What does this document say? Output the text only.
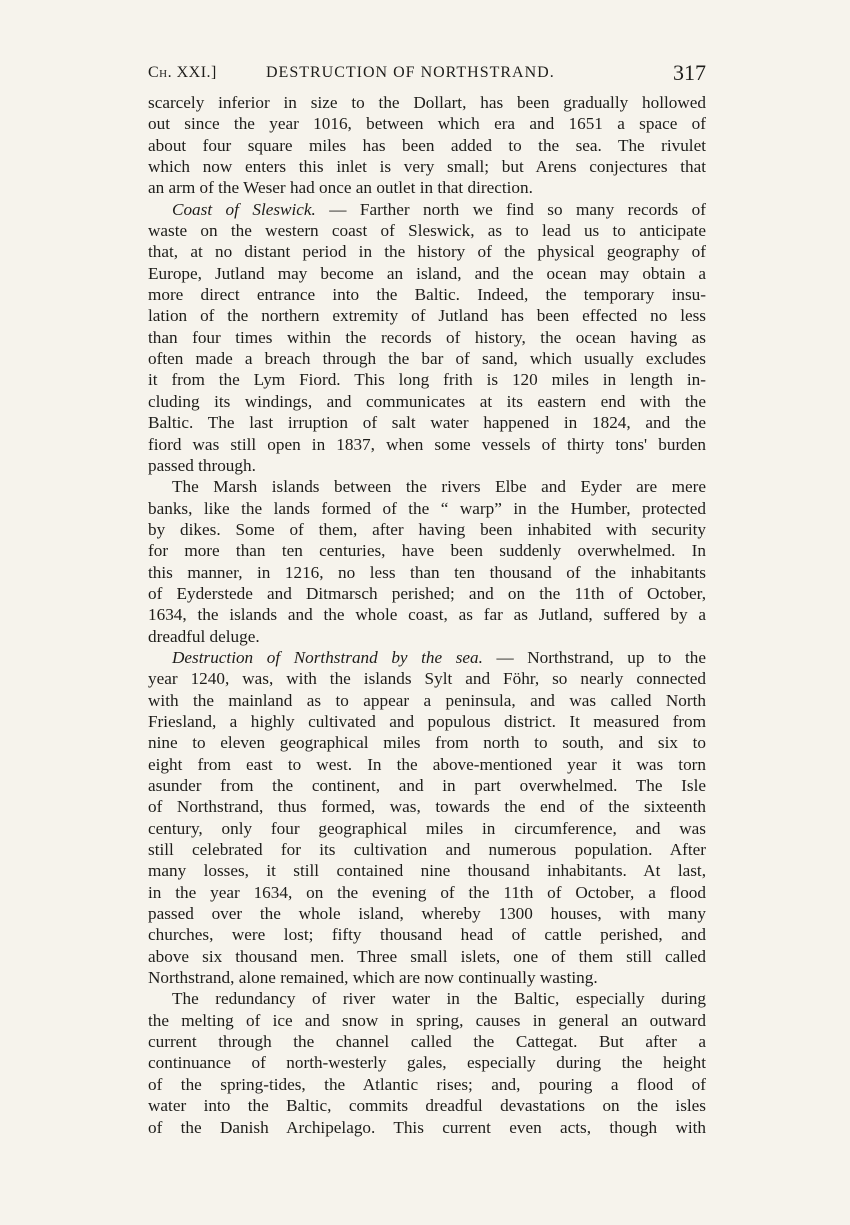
Ch. XXI.]	DESTRUCTION OF NORTHSTRAND.	317
scarcely inferior in size to the Dollart, has been gradually hollowed
out since the year 1016, between which era and 1651 a space of
about four square miles has been added to the sea. The rivulet
which now enters this inlet is very small; but Arens conjectures that
an arm of the Weser had once an outlet in that direction.
Coast of Sleswick. — Farther north we find so many records of
waste on the western coast of Sleswick, as to lead us to anticipate
that, at no distant period in the history of the physical geography of
Europe, Jutland may become an island, and the ocean may obtain a
more direct entrance into the Baltic. Indeed, the temporary insu-
lation of the northern extremity of Jutland has been effected no less
than four times within the records of history, the ocean having as
often made a breach through the bar of sand, which usually excludes
it from the Lym Fiord. This long frith is 120 miles in length in-
cluding its windings, and communicates at its eastern end with the
Baltic. The last irruption of salt water happened in 1824, and the
fiord was still open in 1837, when some vessels of thirty tons' burden
passed through.
The Marsh islands between the rivers Elbe and Eyder are mere
banks, like the lands formed of the “ warp” in the Humber, protected
by dikes. Some of them, after having been inhabited with security
for more than ten centuries, have been suddenly overwhelmed. In
this manner, in 1216, no less than ten thousand of the inhabitants
of Eyderstede and Ditmarsch perished; and on the 11th of October,
1634, the islands and the whole coast, as far as Jutland, suffered by a
dreadful deluge.
Destruction of Northstrand by the sea. — Northstrand, up to the
year 1240, was, with the islands Sylt and Föhr, so nearly connected
with the mainland as to appear a peninsula, and was called North
Friesland, a highly cultivated and populous district. It measured from
nine to eleven geographical miles from north to south, and six to
eight from east to west. In the above-mentioned year it was torn
asunder from the continent, and in part overwhelmed. The Isle
of Northstrand, thus formed, was, towards the end of the sixteenth
century, only four geographical miles in circumference, and was
still celebrated for its cultivation and numerous population. After
many losses, it still contained nine thousand inhabitants. At last,
in the year 1634, on the evening of the 11th of October, a flood
passed over the whole island, whereby 1300 houses, with many
churches, were lost; fifty thousand head of cattle perished, and
above six thousand men. Three small islets, one of them still called
Northstrand, alone remained, which are now continually wasting.
The redundancy of river water in the Baltic, especially during
the melting of ice and snow in spring, causes in general an outward
current through the channel called the Cattegat. But after a
continuance of north-westerly gales, especially during the height
of the spring-tides, the Atlantic rises; and, pouring a flood of
water into the Baltic, commits dreadful devastations on the isles
of the Danish Archipelago. This current even acts, though with
